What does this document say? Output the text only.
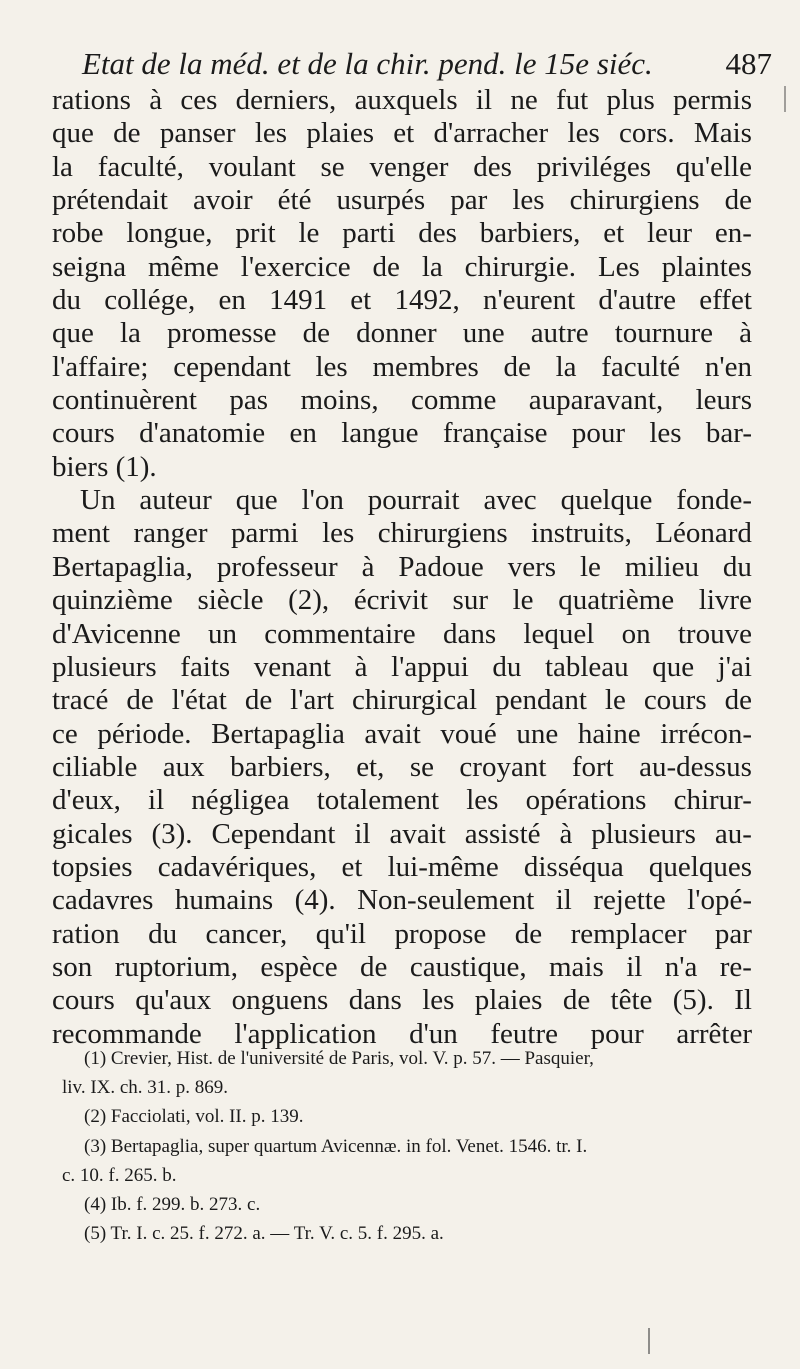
Etat de la méd. et de la chir. pend. le 15e siéc. 487
rations à ces derniers, auxquels il ne fut plus permis
que de panser les plaies et d'arracher les cors. Mais
la faculté, voulant se venger des priviléges qu'elle
prétendait avoir été usurpés par les chirurgiens de
robe longue, prit le parti des barbiers, et leur en-
seigna même l'exercice de la chirurgie. Les plaintes
du collége, en 1491 et 1492, n'eurent d'autre effet
que la promesse de donner une autre tournure à
l'affaire; cependant les membres de la faculté n'en
continuèrent pas moins, comme auparavant, leurs
cours d'anatomie en langue française pour les bar-
biers (1).
Un auteur que l'on pourrait avec quelque fonde-
ment ranger parmi les chirurgiens instruits, Léonard
Bertapaglia, professeur à Padoue vers le milieu du
quinzième siècle (2), écrivit sur le quatrième livre
d'Avicenne un commentaire dans lequel on trouve
plusieurs faits venant à l'appui du tableau que j'ai
tracé de l'état de l'art chirurgical pendant le cours de
ce période. Bertapaglia avait voué une haine irrécon-
ciliable aux barbiers, et, se croyant fort au-dessus
d'eux, il négligea totalement les opérations chirur-
gicales (3). Cependant il avait assisté à plusieurs au-
topsies cadavériques, et lui-même disséqua quelques
cadavres humains (4). Non-seulement il rejette l'opé-
ration du cancer, qu'il propose de remplacer par
son ruptorium, espèce de caustique, mais il n'a re-
cours qu'aux onguens dans les plaies de tête (5). Il
recommande l'application d'un feutre pour arrêter
(1) Crevier, Hist. de l'université de Paris, vol. V. p. 57. — Pasquier,
liv. IX. ch. 31. p. 869.
(2) Facciolati, vol. II. p. 139.
(3) Bertapaglia, super quartum Avicennæ. in fol. Venet. 1546. tr. I.
c. 10. f. 265. b.
(4) Ib. f. 299. b. 273. c.
(5) Tr. I. c. 25. f. 272. a. — Tr. V. c. 5. f. 295. a.
